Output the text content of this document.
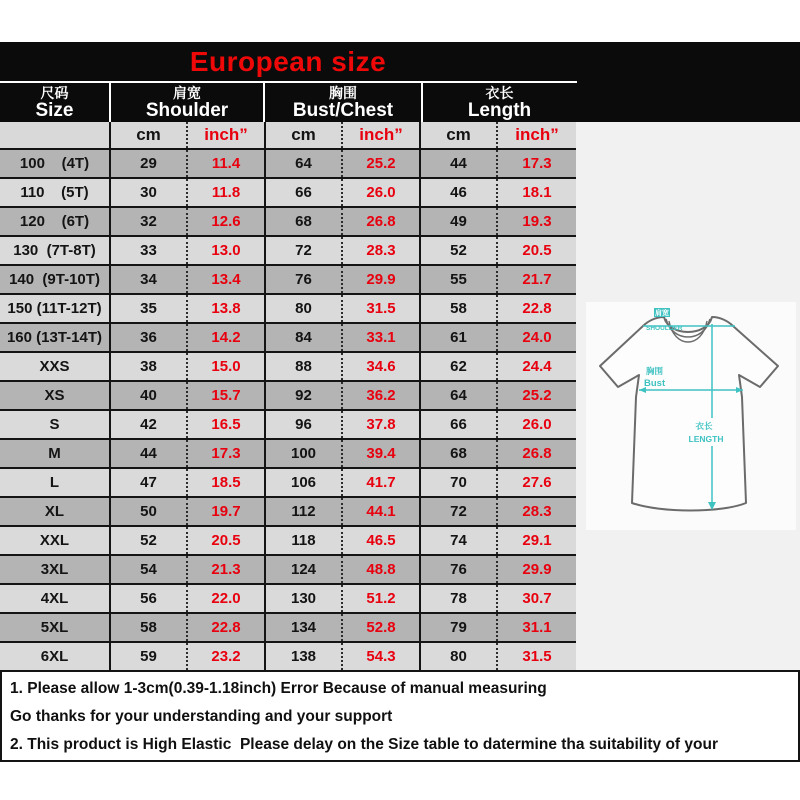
European size
尺码
Size
肩宽
Shoulder
胸围
Bust/Chest
衣长
Length
cm	inch”	cm	inch”	cm	inch”
100    (4T)	29	11.4	64	25.2	44	17.3
110    (5T)	30	11.8	66	26.0	46	18.1
120    (6T)	32	12.6	68	26.8	49	19.3
130  (7T-8T)	33	13.0	72	28.3	52	20.5
140  (9T-10T)	34	13.4	76	29.9	55	21.7
150 (11T-12T)	35	13.8	80	31.5	58	22.8
160 (13T-14T)	36	14.2	84	33.1	61	24.0
XXS	38	15.0	88	34.6	62	24.4
XS	40	15.7	92	36.2	64	25.2
S	42	16.5	96	37.8	66	26.0
M	44	17.3	100	39.4	68	26.8
L	47	18.5	106	41.7	70	27.6
XL	50	19.7	112	44.1	72	28.3
XXL	52	20.5	118	46.5	74	29.1
3XL	54	21.3	124	48.8	76	29.9
4XL	56	22.0	130	51.2	78	30.7
5XL	58	22.8	134	52.8	79	31.1
6XL	59	23.2	138	54.3	80	31.5
肩宽
SHOULDER
胸围
Bust
衣长
LENGTH
1. Please allow 1-3cm(0.39-1.18inch) Error Because of manual measuring
Go thanks for your understanding and your support
2. This product is High Elastic  Please delay on the Size table to datermine tha suitability of your
